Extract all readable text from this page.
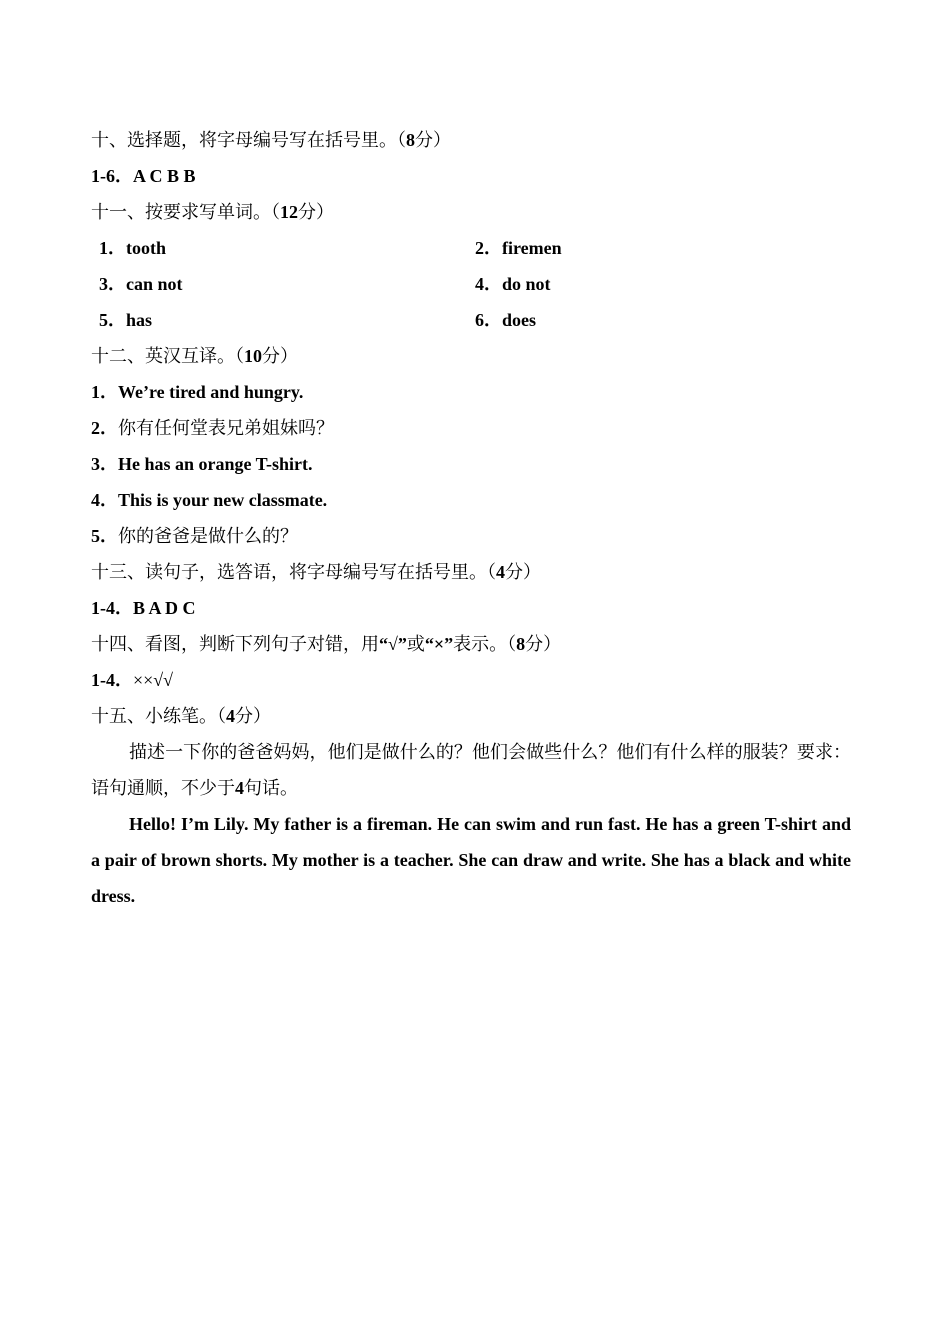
十、选择题，将字母编号写在括号里。（8分）
1-6．A C B B
十一、按要求写单词。（12分）
1．tooth	2．firemen
3．can not	4．do not
5．has	6．does
十二、英汉互译。（10分）
1．We’re tired and hungry.
2．你有任何堂表兄弟姐妹吗？
3．He has an orange T-shirt.
4．This is your new classmate.
5．你的爸爸是做什么的？
十三、读句子，选答语，将字母编号写在括号里。（4分）
1-4．B A D C
十四、看图，判断下列句子对错，用“√”或“×”表示。（8分）
1-4．××√√
十五、小练笔。（4分）
描述一下你的爸爸妈妈，他们是做什么的？他们会做些什么？他们有什么样的服装？要求：语句通顺，不少于4句话。
Hello! I’m Lily. My father is a fireman. He can swim and run fast. He has a green T-shirt and a pair of brown shorts. My mother is a teacher. She can draw and write. She has a black and white dress.
